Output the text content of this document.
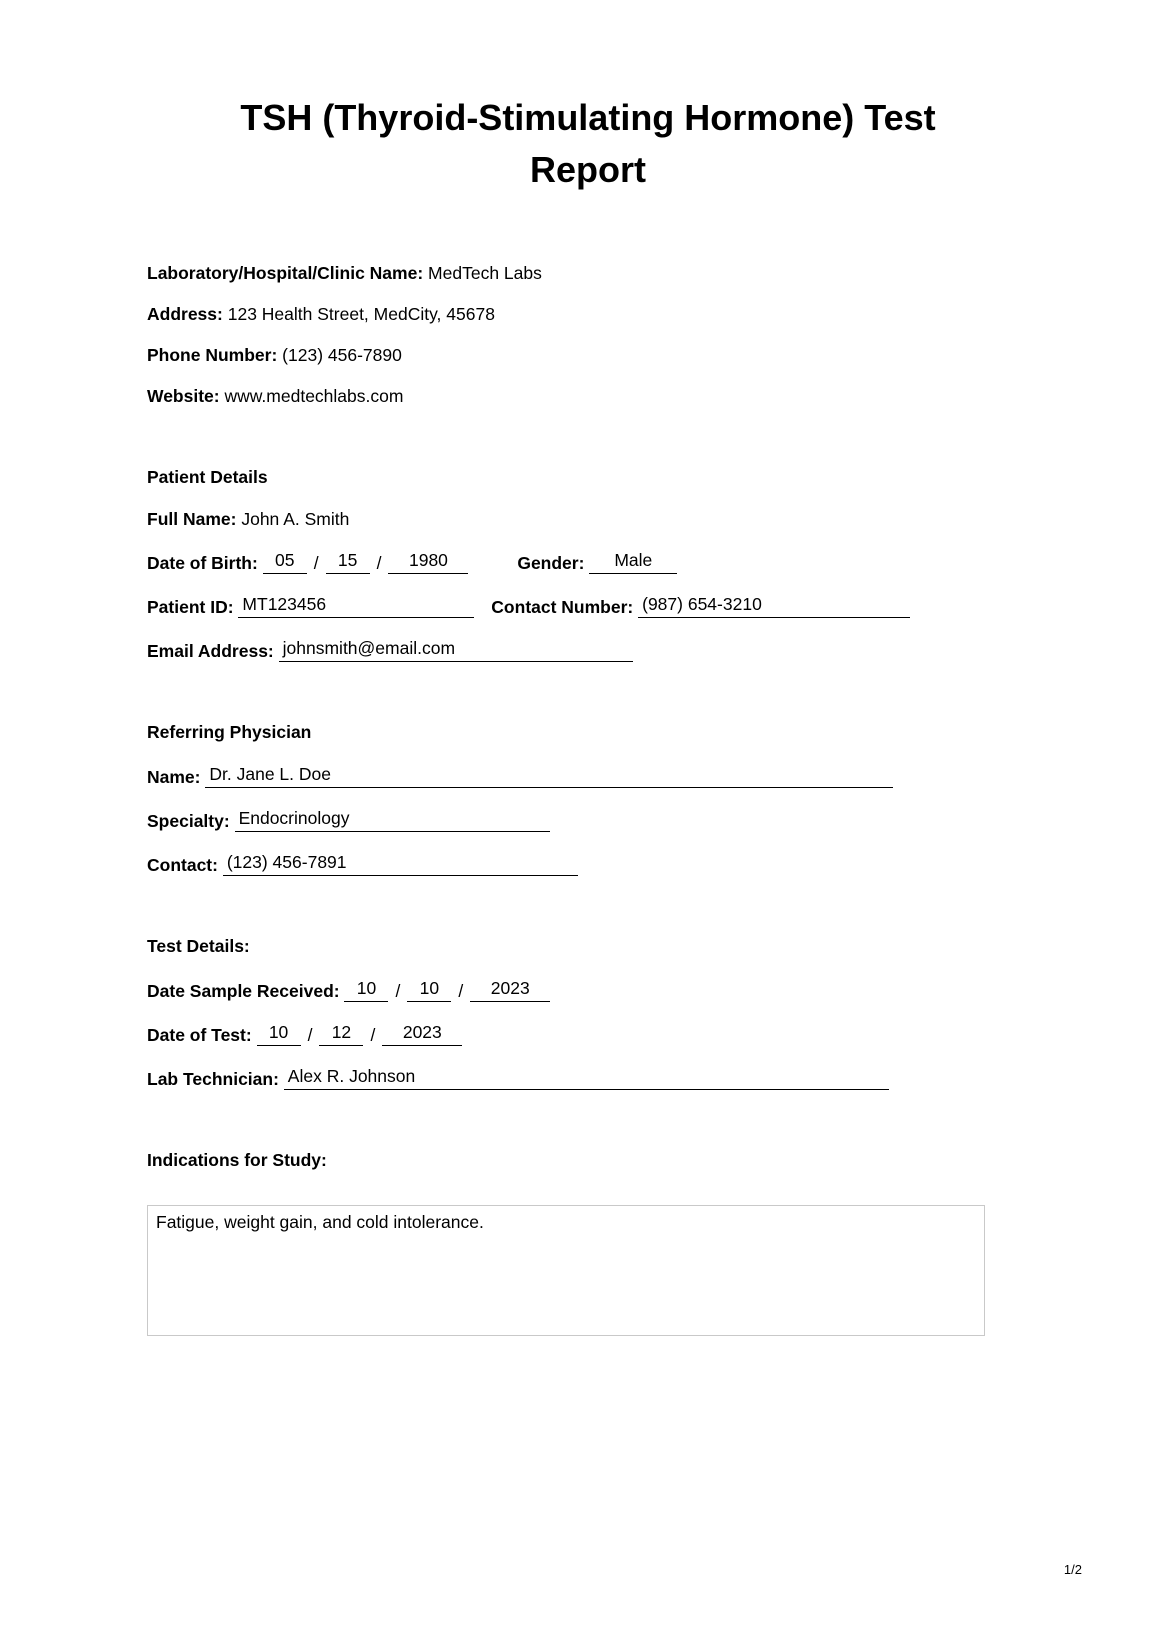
TSH (Thyroid-Stimulating Hormone) Test
Report
Laboratory/Hospital/Clinic Name: MedTech Labs
Address: 123 Health Street, MedCity, 45678
Phone Number: (123) 456-7890
Website: www.medtechlabs.com
Patient Details
Full Name: John A. Smith
Date of Birth: 05 / 15 / 1980	Gender: Male
Patient ID: MT123456	Contact Number: (987) 654-3210
Email Address: johnsmith@email.com
Referring Physician
Name: Dr. Jane L. Doe
Specialty: Endocrinology
Contact: (123) 456-7891
Test Details:
Date Sample Received: 10 / 10 / 2023
Date of Test: 10 / 12 / 2023
Lab Technician: Alex R. Johnson
Indications for Study:
Fatigue, weight gain, and cold intolerance.
1/2
